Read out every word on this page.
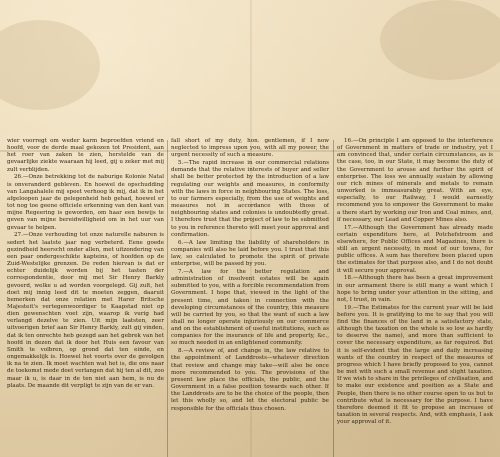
wier voorregt om weder karm beproefden vriend en hoofd, voor de derde maal gekozen tot President, aan het roer van zaken te zien, herstelde van de gevaarlijke ziekte waaraan hij leed, gij u zeker met mij zult verblijden.

26.—Onze betrekking tot de naburige Kolonie Natal is onveranderd gebleven. En hoewel de opschudding van Langahalele mij speet verhoog ik mij, dat ik in het afgeloopen jaar de gelegenheid heb gehad, hoewel er tot nog toe geene officiele erkenning van den kant van mijne Regeering is geworden, om haar een bewijs te geven van mijne bereidwilligheid om in het uur van gevaar te helpen.

27.—Onze verhouding tot onze naturelle naburen is sedert het laatste jaar nog verbeterd. Eene goede gezindheid heerscht onder allen, met uitzondering van een paar ondergeschikte kapteins, of hoofden op de Zuid-Westelijke grenzen. De reden hiervan is dat er echter duidelijk worden bij het tasten der correspondentie, door mij met Sir Henry Barkly gevoerd, welke u ad worden voorgelegd. Gij zult, het doet mij innig leed dit te moeten zeggen, daaruit bemerken dat onze relatien met Harer Britsche Majesteit's vertegenwoordiger te Kaapstad niet op dien gewenschten voet zijn, waarop ik vurig had verlangd dezelve te zien. Uit mijn laatsten, zeer uitvoerigen brief aan Sir Henry Barkly, zult gij vinden, dat ik ten onrechte heb gezegd aan het gebrek van het hoofd in dezen dat ik door het Huis een favour van Smith te volbren, op grond dat ten einde, en ongemakkelijk is. Hoewel het voorts over de gevolgen ik na te zien. Ik moet wachten wat het is, die ons naar de toekomst mede doet verlangen dat hij ten al dit, zoo maar ik u, is daar in de ten niet aan hem, is nu de plaats. De maande dit verpligt te zijn van de er van.

fall short of my duty, hon. gentlemen, if I now neglected to impress upon you, with all my power, the urgent necessity of such a measure.

5.—The rapid increase in our commercial relations demands that the relative interests of buyer and seller shall be better protected by the introduction of a law regulating our weights and measures, in conformity with the laws in force in neighbouring States. The loss, to our farmers especially, from the use of weights and measures not in accordance with those of neighbouring states and colonies is undoubtedly great. I therefore trust that the project of law to be submitted to you in reference thereto will meet your approval and confirmation.

6.—A law limiting the liability of shareholders in companies will also be laid before you. I trust that this law, so calculated to promote the spirit of private enterprise, will be passed by you.

7.—A law for the better regulation and administration of insolvent estates will be again submitted to you, with a forcible recommendation from Government. I hope that, viewed in the light of the present time, and taken in connection with the developing circumstances of the country, this measure will be carried by you, so that the want of such a law shall no longer operate injuriously on our commerce and on the establishment of useful institutions, such as companies for the insurance of life and property, &c., so much needed in an enlightened community.

8.—A review of, and change in, the law relative to the appointment of Landdrosts—whatever direction that review and change may take—will also be once more recommended to you. The provisions of the present law place the officials, the public, and the Government in a false position towards each other. If the Landdrosts are to be the choice of the people, then let this wholly so, and let the electoral public be responsible for the officials thus chosen.

16.—On principle I am opposed to the interference of Government in matters of trade or industry, yet I am convinced that, under certain circumstances, as is the case, too, in our State, it may become the duty of the Government to arouse and further the spirit of enterprise. The loss we annually sustain by allowing our rich mines of minerals and metals to remain unworked is immeasurably great. With an eye, especially, to our Railway, I would earnestly recommend you to empower the Government to make a there start by working our Iron and Coal mines, and, if necessary, our Lead and Copper Mines also.

17.—Although the Government has already made certain expenditure here, at Potchefstroom and elsewhere, for Public Offices and Magazines, there is still an urgent necessity, in most of our towns, for public offices. A sum has therefore been placed upon the estimates for that purpose also, and I do not doubt it will secure your approval.

18.—Although there has been a great improvement in our armament there is still many a want which I hope to bring under your attention in the sitting, and not, I trust, in vain.

19.—The Estimates for the current year will be laid before you. It is gratifying to me to say that you will find the finances of the land in a satisfactory state, although the taxation on the whole is so low as hardly to deserve the name), and more than sufficient to cover the necessary expenditure, as far required. But it is self-evident that the large and daily increasing wants of the country in respect of the measures of progress which I have briefly proposed to you, cannot be met with such a small revenue and slight taxation. If we wish to share in the privileges of civilisation, and to make our existence and position as a State and People, then there is no other course open to us but to contribute what is necessary for the purpose. I have therefore deemed it fit to propose an increase of taxation in several respects. And, with emphasis, I ask your approval of it.
